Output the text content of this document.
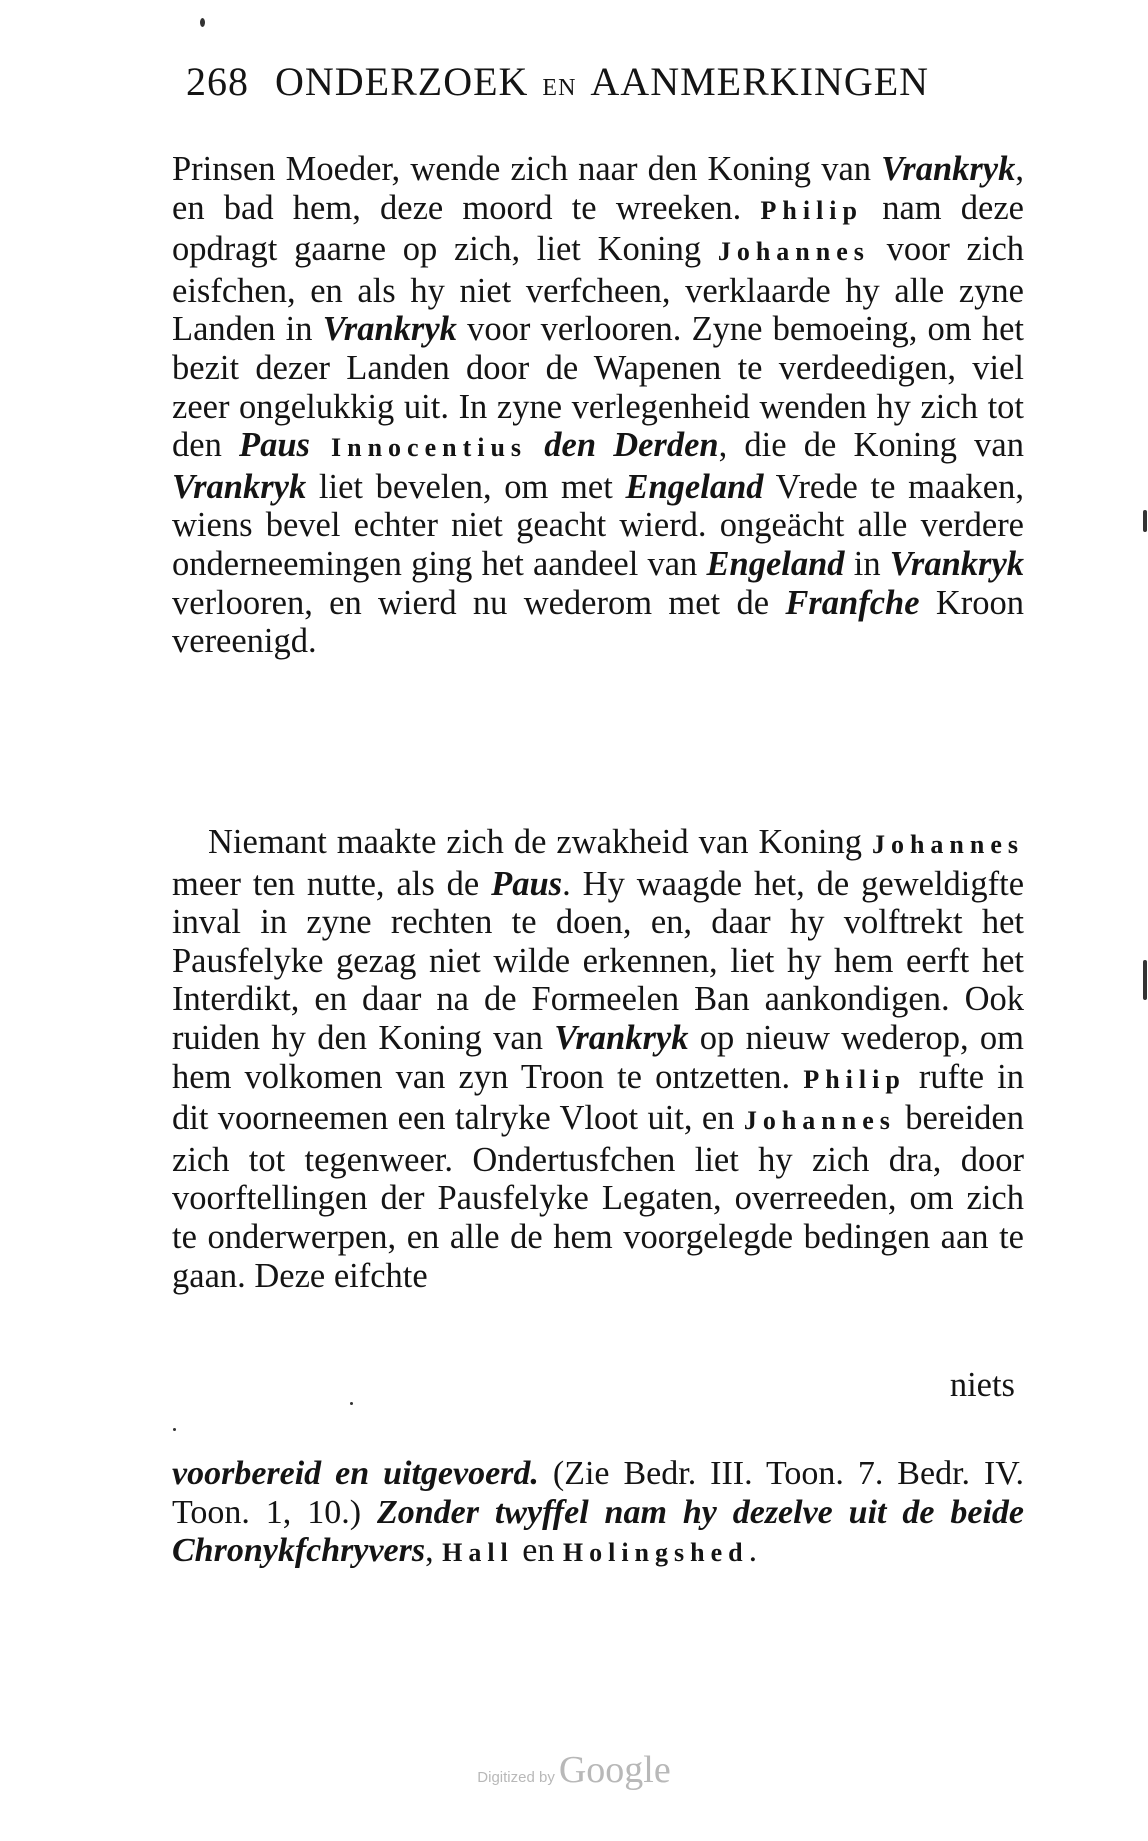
268 ONDERZOEK EN AANMERKINGEN

Prinsen Moeder, wende zich naar den Koning van Vrankryk, en bad hem, deze moord te wreeken. Philip nam deze opdragt gaarne op zich, liet Koning Johannes voor zich eisfchen, en als hy niet verfcheen, verklaarde hy alle zyne Landen in Vrankryk voor verlooren. Zyne bemoeing, om het bezit dezer Landen door de Wapenen te verdeedigen, viel zeer ongelukkig uit. In zyne verlegenheid wenden hy zich tot den Paus Innocentius den Derden, die de Koning van Vrankryk liet bevelen, om met Engeland Vrede te maaken, wiens bevel echter niet geacht wierd. ongeächt alle verdere onderneemingen ging het aandeel van Engeland in Vrankryk verlooren, en wierd nu wederom met de Franfche Kroon vereenigd.

Niemant maakte zich de zwakheid van Koning Johannes meer ten nutte, als de Paus. Hy waagde het, de geweldigfte inval in zyne rechten te doen, en, daar hy volftrekt het Pausfelyke gezag niet wilde erkennen, liet hy hem eerft het Interdikt, en daar na de Formeelen Ban aankondigen. Ook ruiden hy den Koning van Vrankryk op nieuw wederop, om hem volkomen van zyn Troon te ontzetten. Philip rufte in dit voorneemen een talryke Vloot uit, en Johannes bereiden zich tot tegenweer. Ondertusfchen liet hy zich dra, door voorftellingen der Pausfelyke Legaten, overreeden, om zich te onderwerpen, en alle de hem voorgelegde bedingen aan te gaan. Deze eifchte

niets

voorbereid en uitgevoerd. (Zie Bedr. III. Toon. 7. Bedr. IV. Toon. 1, 10.) Zonder twyffel nam hy dezelve uit de beide Chronykfchryvers, Hall en Holingshed.

Digitized by Google
